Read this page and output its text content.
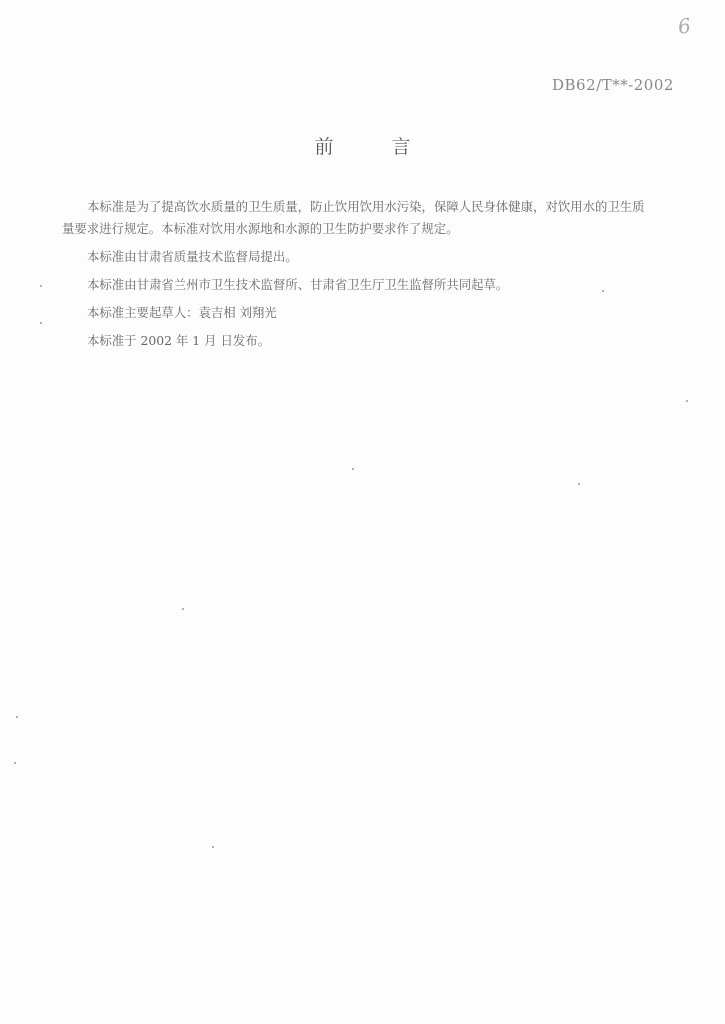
6
DB62/T**-2002
前 言

本标准是为了提高饮水质量的卫生质量，防止饮用饮用水污染，保障人民身体健康，对饮用水的卫生质量要求进行规定。本标准对饮用水源地和水源的卫生防护要求作了规定。

本标准由甘肃省质量技术监督局提出。

本标准由甘肃省兰州市卫生技术监督所、甘肃省卫生厅卫生监督所共同起草。

本标准主要起草人：袁吉相 刘翔光

本标准于 2002 年 1 月 日发布。
